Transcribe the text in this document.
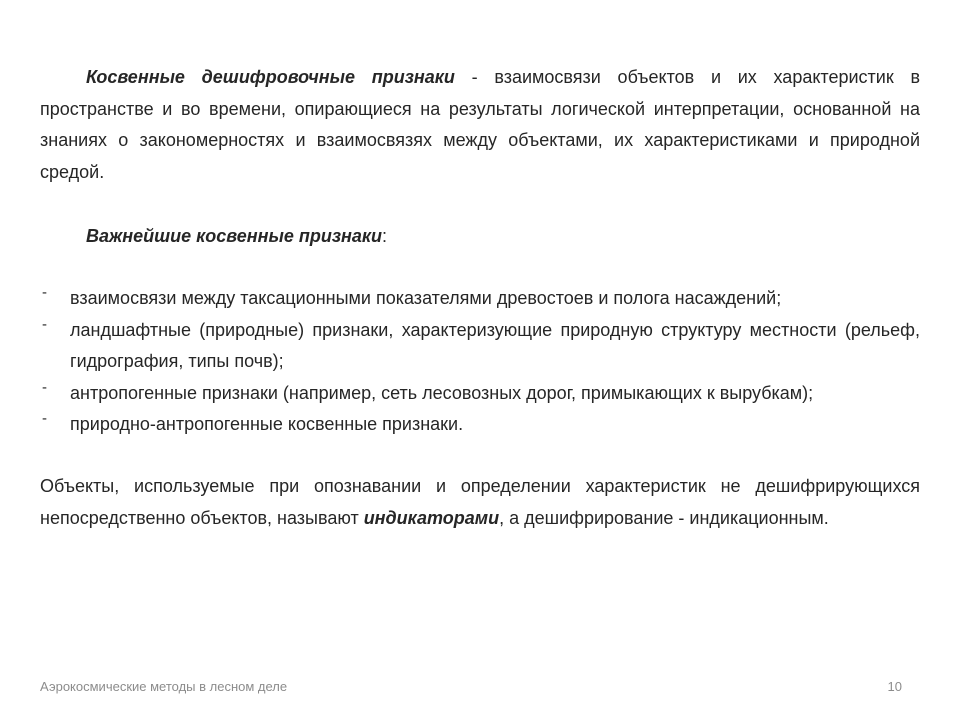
Косвенные дешифровочные признаки - взаимосвязи объектов и их характеристик в пространстве и во времени, опирающиеся на результаты логической интерпретации, основанной на знаниях о закономерностях и взаимосвязях между объектами, их характеристиками и природной средой.

Важнейшие косвенные признаки:

- взаимосвязи между таксационными показателями древостоев и полога насаждений;
- ландшафтные (природные) признаки, характеризующие природную структуру местности (рельеф, гидрография, типы почв);
- антропогенные признаки (например, сеть лесовозных дорог, примыкающих к вырубкам);
- природно-антропогенные косвенные признаки.

Объекты, используемые при опознавании и определении характеристик не дешифрирующихся непосредственно объектов, называют индикаторами, а дешифрирование - индикационным.

Аэрокосмические методы в лесном деле	10
